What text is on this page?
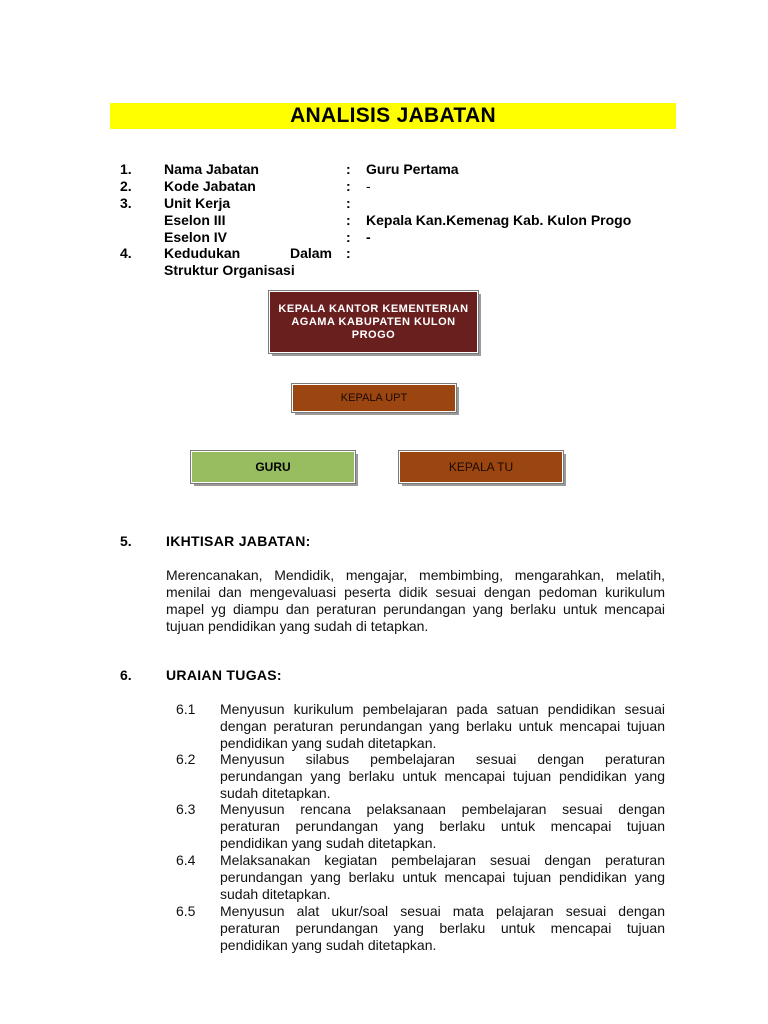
ANALISIS JABATAN
1. Nama Jabatan	: Guru Pertama
2. Kode Jabatan	: -
3. Unit Kerja	:
Eselon III	: Kepala Kan.Kemenag Kab. Kulon Progo
Eselon IV	: -
4. Kedudukan	Dalam :
Struktur Organisasi
KEPALA KANTOR KEMENTERIAN AGAMA KABUPATEN KULON PROGO
KEPALA UPT
GURU	KEPALA TU
5. IKHTISAR JABATAN:
Merencanakan, Mendidik, mengajar, membimbing, mengarahkan, melatih, menilai dan mengevaluasi peserta didik sesuai dengan pedoman kurikulum mapel yg diampu dan peraturan perundangan yang berlaku untuk mencapai tujuan pendidikan yang sudah di tetapkan.
6. URAIAN TUGAS:
6.1 Menyusun kurikulum pembelajaran pada satuan pendidikan sesuai dengan peraturan perundangan yang berlaku untuk mencapai tujuan pendidikan yang sudah ditetapkan.
6.2 Menyusun silabus pembelajaran sesuai dengan peraturan perundangan yang berlaku untuk mencapai tujuan pendidikan yang sudah ditetapkan.
6.3 Menyusun rencana pelaksanaan pembelajaran sesuai dengan peraturan perundangan yang berlaku untuk mencapai tujuan pendidikan yang sudah ditetapkan.
6.4 Melaksanakan kegiatan pembelajaran sesuai dengan peraturan perundangan yang berlaku untuk mencapai tujuan pendidikan yang sudah ditetapkan.
6.5 Menyusun alat ukur/soal sesuai mata pelajaran sesuai dengan peraturan perundangan yang berlaku untuk mencapai tujuan pendidikan yang sudah ditetapkan.
